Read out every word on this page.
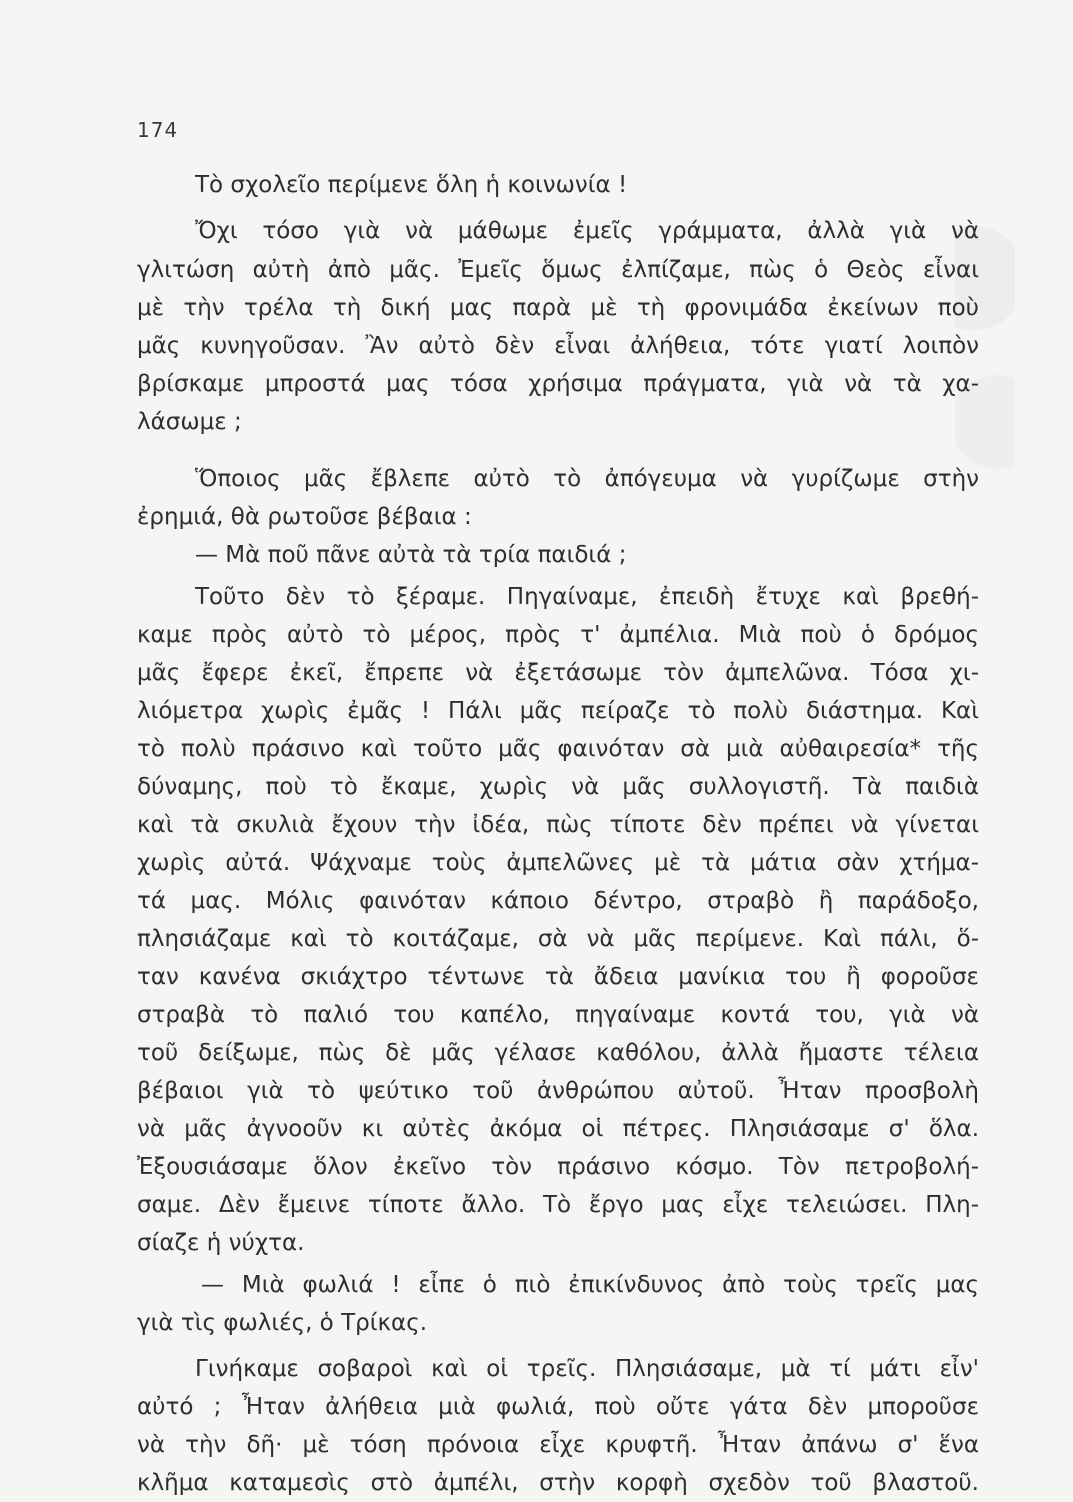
174
Τὸ σχολεῖο περίμενε ὅλη ἡ κοινωνία !
Ὄχι τόσο γιὰ νὰ μάθωμε ἐμεῖς γράμματα, ἀλλὰ γιὰ νὰ
γλιτώση αὐτὴ ἀπὸ μᾶς. Ἐμεῖς ὅμως ἐλπίζαμε, πὼς ὁ Θεὸς εἶναι
μὲ τὴν τρέλα τὴ δική μας παρὰ μὲ τὴ φρονιμάδα ἐκείνων ποὺ
μᾶς κυνηγοῦσαν. Ἂν αὐτὸ δὲν εἶναι ἀλήθεια, τότε γιατί λοιπὸν
βρίσκαμε μπροστά μας τόσα χρήσιμα πράγματα, γιὰ νὰ τὰ χα-
λάσωμε ;
Ὅποιος μᾶς ἔβλεπε αὐτὸ τὸ ἀπόγευμα νὰ γυρίζωμε στὴν
ἐρημιά, θὰ ρωτοῦσε βέβαια :
— Μὰ ποῦ πᾶνε αὐτὰ τὰ τρία παιδιά ;
Τοῦτο δὲν τὸ ξέραμε. Πηγαίναμε, ἐπειδὴ ἔτυχε καὶ βρεθή-
καμε πρὸς αὐτὸ τὸ μέρος, πρὸς τ' ἀμπέλια. Μιὰ ποὺ ὁ δρόμος
μᾶς ἔφερε ἐκεῖ, ἔπρεπε νὰ ἐξετάσωμε τὸν ἀμπελῶνα. Τόσα χι-
λιόμετρα χωρὶς ἐμᾶς ! Πάλι μᾶς πείραζε τὸ πολὺ διάστημα. Καὶ
τὸ πολὺ πράσινο καὶ τοῦτο μᾶς φαινόταν σὰ μιὰ αὐθαιρεσία* τῆς
δύναμης, ποὺ τὸ ἔκαμε, χωρὶς νὰ μᾶς συλλογιστῆ. Τὰ παιδιὰ
καὶ τὰ σκυλιὰ ἔχουν τὴν ἰδέα, πὼς τίποτε δὲν πρέπει νὰ γίνεται
χωρὶς αὐτά. Ψάχναμε τοὺς ἀμπελῶνες μὲ τὰ μάτια σὰν χτήμα-
τά μας. Μόλις φαινόταν κάποιο δέντρο, στραβὸ ἢ παράδοξο,
πλησιάζαμε καὶ τὸ κοιτάζαμε, σὰ νὰ μᾶς περίμενε. Καὶ πάλι, ὅ-
ταν κανένα σκιάχτρο τέντωνε τὰ ἄδεια μανίκια του ἢ φοροῦσε
στραβὰ τὸ παλιό του καπέλο, πηγαίναμε κοντά του, γιὰ νὰ
τοῦ δείξωμε, πὼς δὲ μᾶς γέλασε καθόλου, ἀλλὰ ἤμαστε τέλεια
βέβαιοι γιὰ τὸ ψεύτικο τοῦ ἀνθρώπου αὐτοῦ. Ἦταν προσβολὴ
νὰ μᾶς ἀγνοοῦν κι αὐτὲς ἀκόμα οἱ πέτρες. Πλησιάσαμε σ' ὅλα.
Ἐξουσιάσαμε ὅλον ἐκεῖνο τὸν πράσινο κόσμο. Τὸν πετροβολή-
σαμε. Δὲν ἔμεινε τίποτε ἄλλο. Τὸ ἔργο μας εἶχε τελειώσει. Πλη-
σίαζε ἡ νύχτα.
— Μιὰ φωλιά ! εἶπε ὁ πιὸ ἐπικίνδυνος ἀπὸ τοὺς τρεῖς μας
γιὰ τὶς φωλιές, ὁ Τρίκας.
Γινήκαμε σοβαροὶ καὶ οἱ τρεῖς. Πλησιάσαμε, μὰ τί μάτι εἶν'
αὐτό ; Ἦταν ἀλήθεια μιὰ φωλιά, ποὺ οὔτε γάτα δὲν μποροῦσε
νὰ τὴν δῆ· μὲ τόση πρόνοια εἶχε κρυφτῆ. Ἦταν ἀπάνω σ' ἕνα
κλῆμα καταμεσὶς στὸ ἀμπέλι, στὴν κορφὴ σχεδὸν τοῦ βλαστοῦ.
